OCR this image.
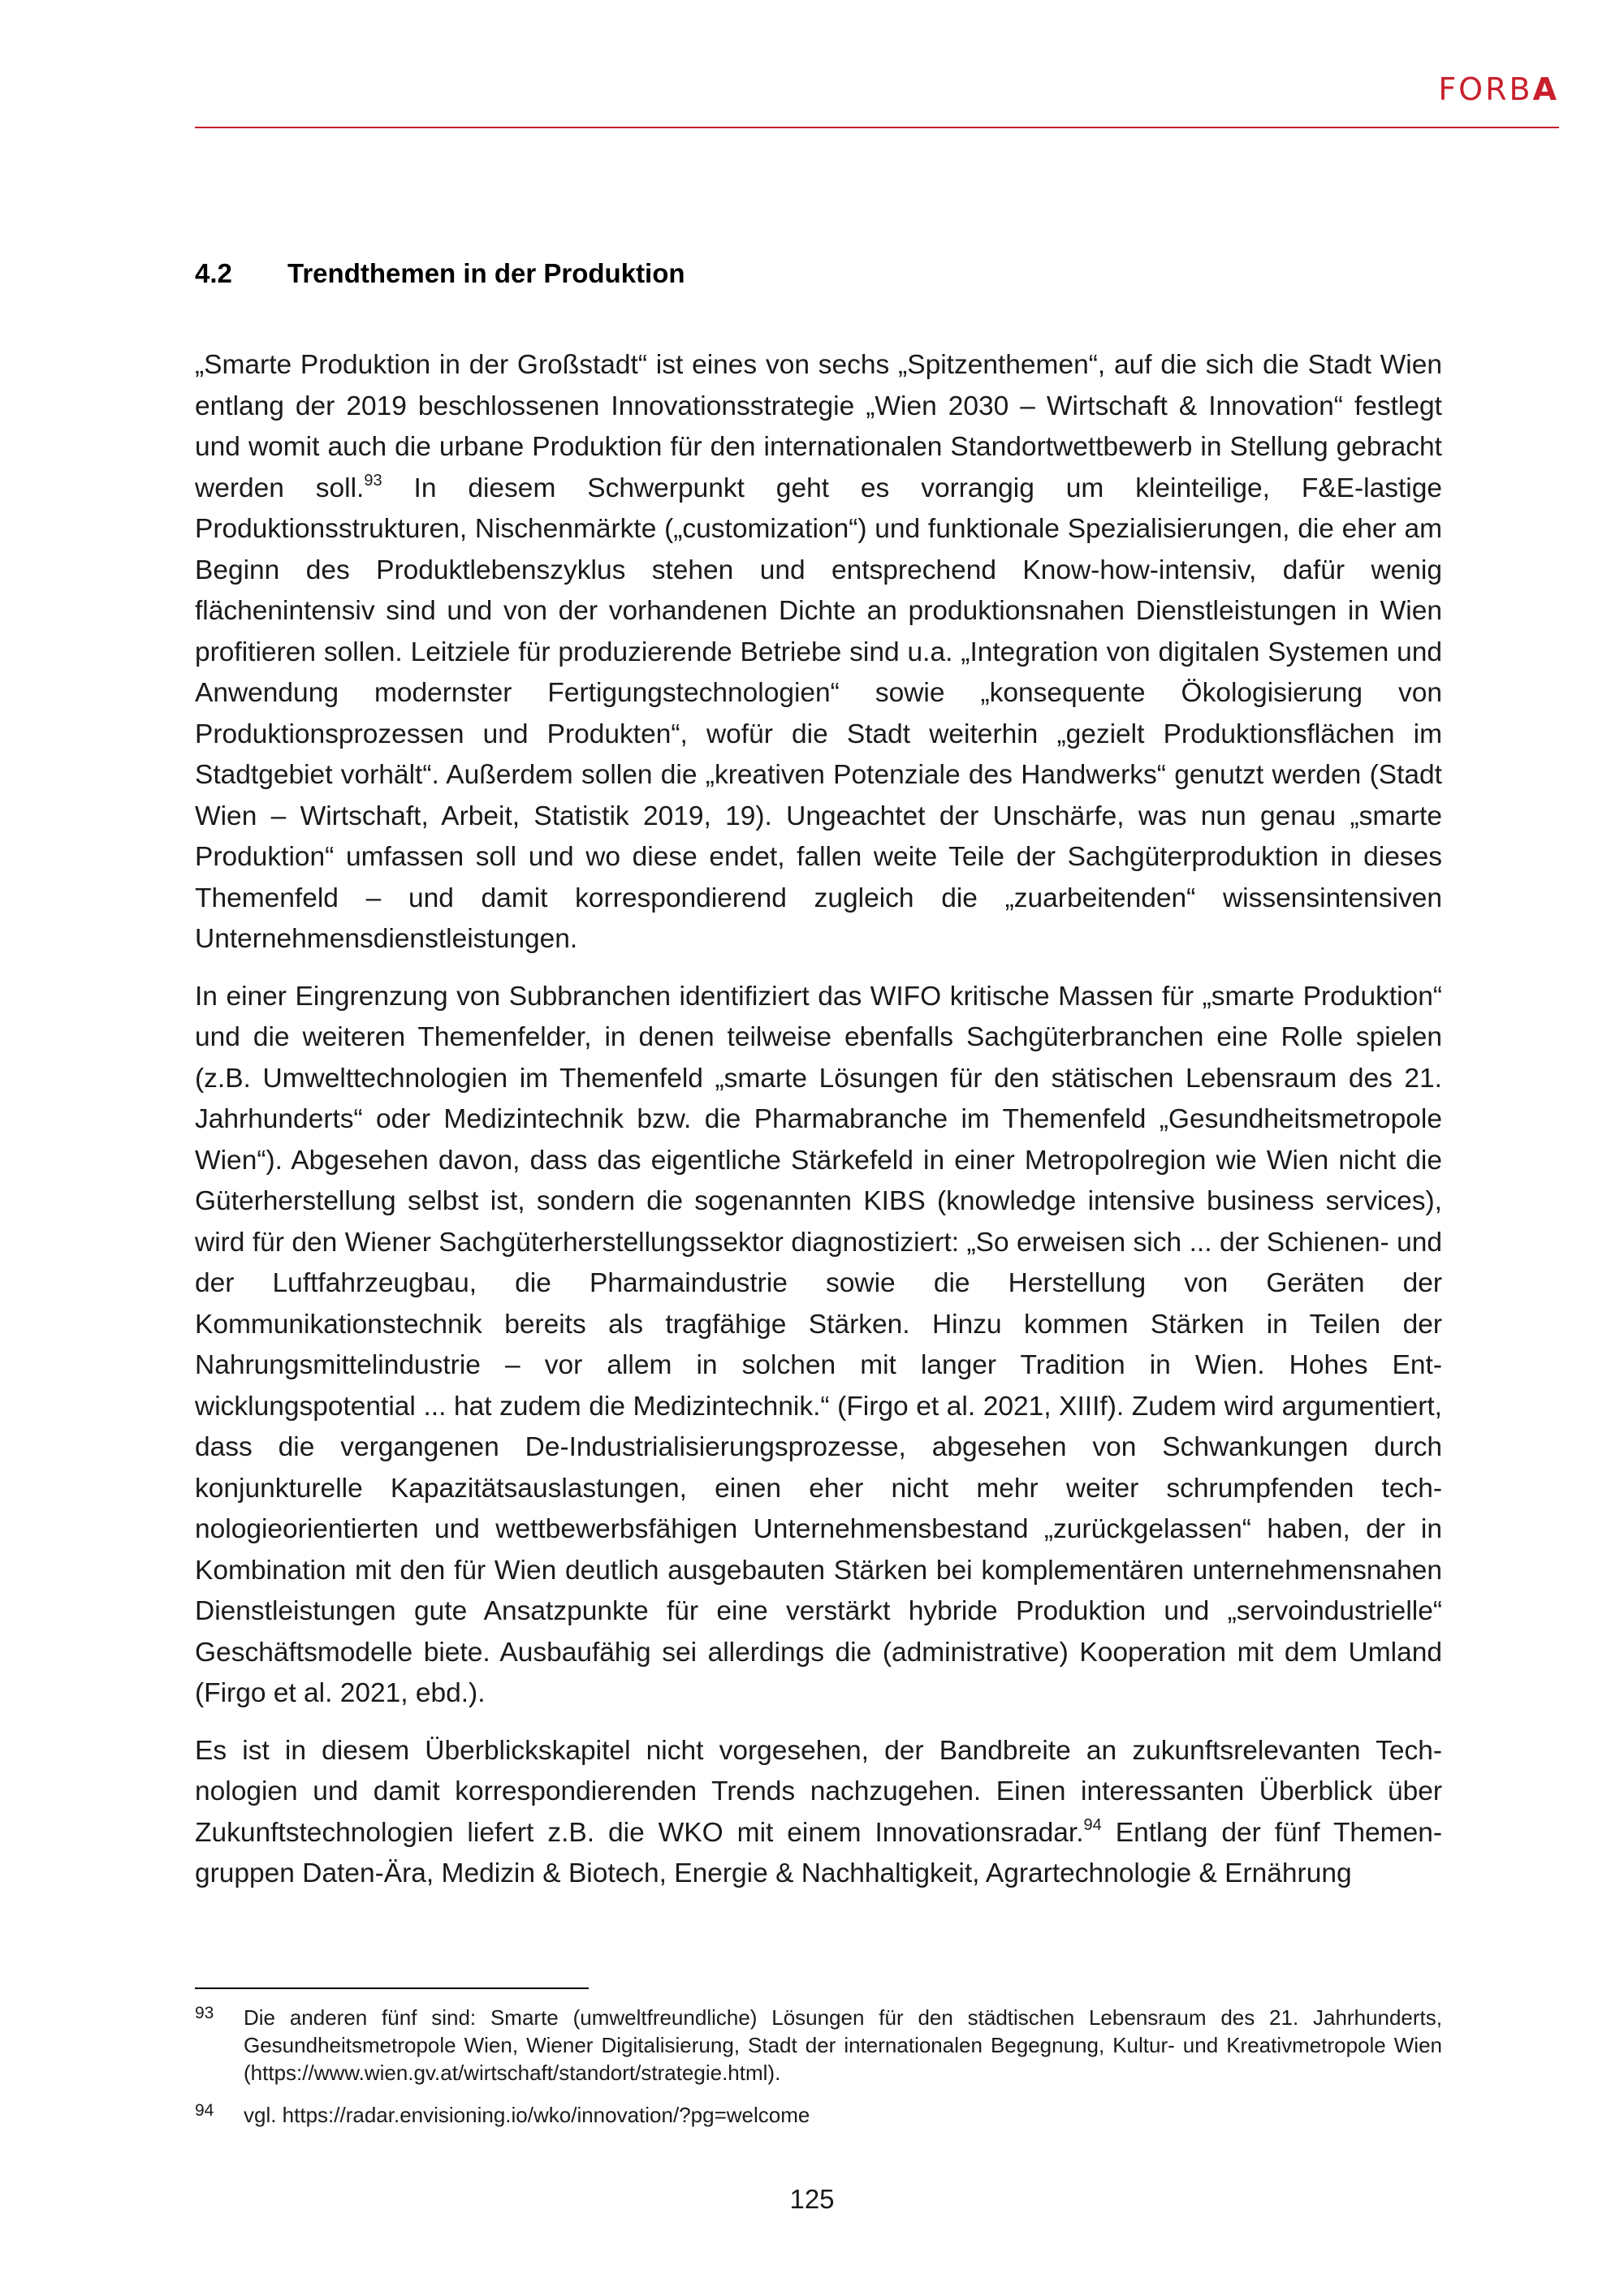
FORBA
4.2 Trendthemen in der Produktion

„Smarte Produktion in der Großstadt“ ist eines von sechs „Spitzenthemen“, auf die sich die Stadt Wien entlang der 2019 beschlossenen Innovationsstrategie „Wien 2030 – Wirtschaft & Innovation“ festlegt und womit auch die urbane Produktion für den internationalen Standortwettbewerb in Stellung gebracht werden soll.$^{93}$ In diesem Schwerpunkt geht es vorrangig um kleinteilige, F&E-lastige Produktionsstrukturen, Nischenmärkte („customization“) und funktionale Spezialisierungen, die eher am Beginn des Produktlebenszyklus stehen und entsprechend Know-how-intensiv, dafür wenig flächenintensiv sind und von der vorhandenen Dichte an produktionsnahen Dienstleistungen in Wien profitieren sollen. Leitziele für produzierende Betriebe sind u.a. „Integration von digitalen Systemen und Anwendung modernster Fertigungstechnologien“ sowie „konsequente Ökologisierung von Produktionsprozessen und Produkten“, wofür die Stadt weiterhin „gezielt Produktionsflächen im Stadtgebiet vorhält“. Außerdem sollen die „kreativen Potenziale des Handwerks“ genutzt werden (Stadt Wien – Wirtschaft, Arbeit, Statistik 2019, 19). Ungeachtet der Unschärfe, was nun genau „smarte Produktion“ umfassen soll und wo diese endet, fallen weite Teile der Sachgüterproduktion in dieses Themenfeld – und damit korrespondierend zugleich die „zuarbeitenden“ wissensintensiven Unternehmensdienstleistungen.

In einer Eingrenzung von Subbranchen identifiziert das WIFO kritische Massen für „smarte Produktion“ und die weiteren Themenfelder, in denen teilweise ebenfalls Sachgüterbranchen eine Rolle spielen (z.B. Umwelttechnologien im Themenfeld „smarte Lösungen für den stätischen Lebensraum des 21. Jahrhunderts“ oder Medizintechnik bzw. die Pharmabranche im Themenfeld „Gesundheitsmetropole Wien“). Abgesehen davon, dass das eigentliche Stärkefeld in einer Metropolregion wie Wien nicht die Güterherstellung selbst ist, sondern die sogenannten KIBS (knowledge intensive business services), wird für den Wiener Sachgüterherstellungssektor diagnostiziert: „So erweisen sich ... der Schienen- und der Luftfahrzeugbau, die Pharmaindustrie sowie die Herstellung von Geräten der Kommunikationstechnik bereits als tragfähige Stärken. Hinzu kommen Stärken in Teilen der Nahrungsmittelindustrie – vor allem in solchen mit langer Tradition in Wien. Hohes Entwicklungspotential ... hat zudem die Medizintechnik.“ (Firgo et al. 2021, XIIIf). Zudem wird argumentiert, dass die vergangenen De-Industrialisierungsprozesse, abgesehen von Schwankungen durch konjunkturelle Kapazitätsauslastungen, einen eher nicht mehr weiter schrumpfenden technologieorientierten und wettbewerbsfähigen Unternehmensbestand „zurückgelassen“ haben, der in Kombination mit den für Wien deutlich ausgebauten Stärken bei komplementären unternehmensnahen Dienstleistungen gute Ansatzpunkte für eine verstärkt hybride Produktion und „servoindustrielle“ Geschäftsmodelle biete. Ausbaufähig sei allerdings die (administrative) Kooperation mit dem Umland (Firgo et al. 2021, ebd.).

Es ist in diesem Überblickskapitel nicht vorgesehen, der Bandbreite an zukunftsrelevanten Technologien und damit korrespondierenden Trends nachzugehen. Einen interessanten Überblick über Zukunftstechnologien liefert z.B. die WKO mit einem Innovationsradar.$^{94}$ Entlang der fünf Themengruppen Daten-Ära, Medizin & Biotech, Energie & Nachhaltigkeit, Agrartechnologie & Ernährung

93	Die anderen fünf sind: Smarte (umweltfreundliche) Lösungen für den städtischen Lebensraum des 21. Jahrhunderts, Gesundheitsmetropole Wien, Wiener Digitalisierung, Stadt der internationalen Begegnung, Kultur- und Kreativmetropole Wien (https://www.wien.gv.at/wirtschaft/standort/strategie.html).
94	vgl. https://radar.envisioning.io/wko/innovation/?pg=welcome
125
